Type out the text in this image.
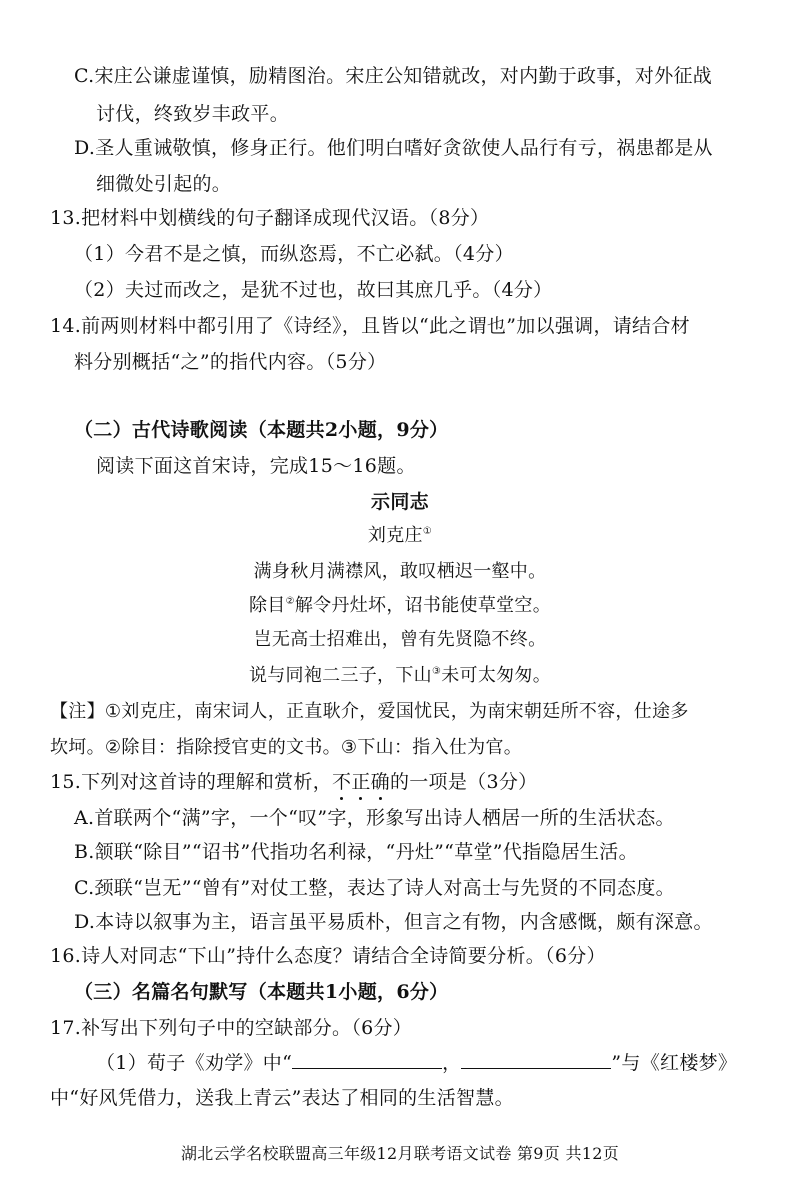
C.宋庄公谦虚谨慎，励精图治。宋庄公知错就改，对内勤于政事，对外征战
讨伐，终致岁丰政平。
D.圣人重诫敬慎，修身正行。他们明白嗜好贪欲使人品行有亏，祸患都是从
细微处引起的。
13.把材料中划横线的句子翻译成现代汉语。（8分）
（1）今君不是之慎，而纵恣焉，不亡必弑。（4分）
（2）夫过而改之，是犹不过也，故曰其庶几乎。（4分）
14.前两则材料中都引用了《诗经》，且皆以“此之谓也”加以强调，请结合材
料分别概括“之”的指代内容。（5分）
（二）古代诗歌阅读（本题共2小题，9分）
阅读下面这首宋诗，完成15～16题。
示同志
刘克庄①
满身秋月满襟风，敢叹栖迟一壑中。
除目②解令丹灶坏，诏书能使草堂空。
岂无高士招难出，曾有先贤隐不终。
说与同袍二三子，下山③未可太匆匆。
【注】①刘克庄，南宋词人，正直耿介，爱国忧民，为南宋朝廷所不容，仕途多
坎坷。②除目：指除授官吏的文书。③下山：指入仕为官。
15.下列对这首诗的理解和赏析，不正确
的一项是（3分）
A.首联两个“满”字，一个“叹”字，形象写出诗人栖居一所的生活状态。
B.颔联“除目”“诏书”代指功名利禄，“丹灶”“草堂”代指隐居生活。
C.颈联“岂无”“曾有”对仗工整，表达了诗人对高士与先贤的不同态度。
D.本诗以叙事为主，语言虽平易质朴，但言之有物，内含感慨，颇有深意。
16.诗人对同志“下山”持什么态度？请结合全诗简要分析。（6分）
（三）名篇名句默写（本题共1小题，6分）
17.补写出下列句子中的空缺部分。（6分）
（1）荀子《劝学》中“	，	”与《红楼梦》
中“好风凭借力，送我上青云”表达了相同的生活智慧。
湖北云学名校联盟高三年级12月联考语文试卷 第9页 共12页
